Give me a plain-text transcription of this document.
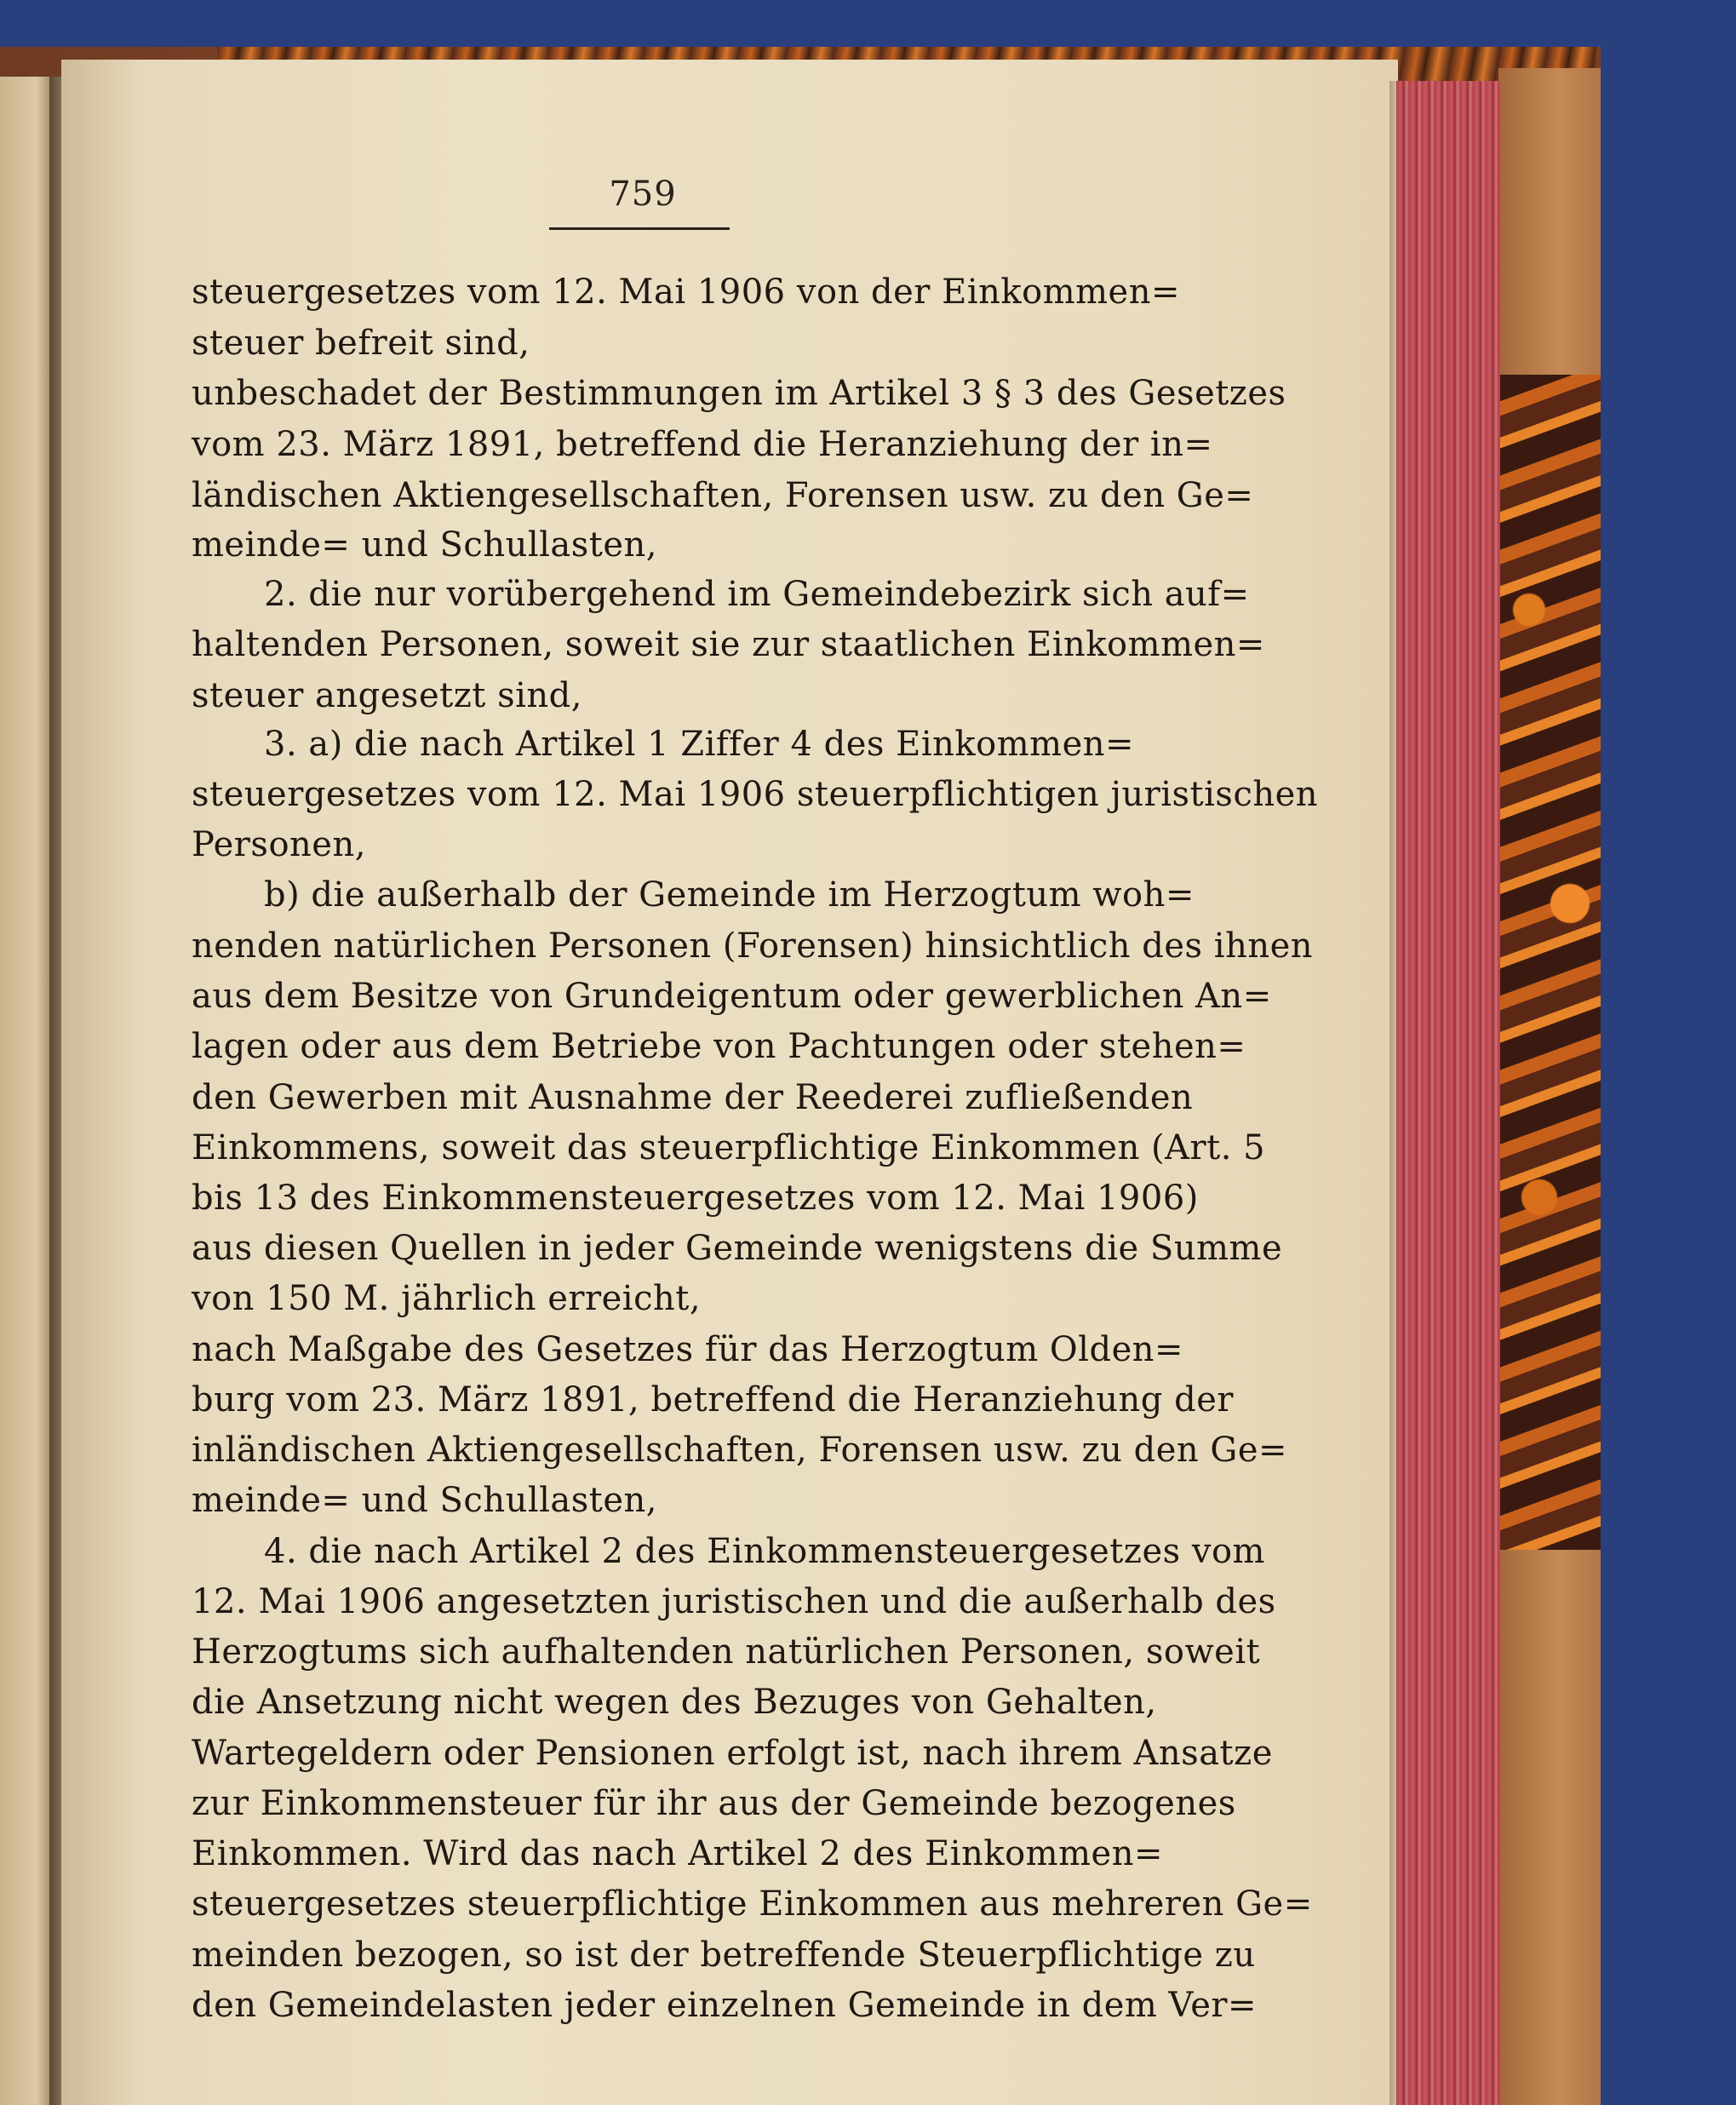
759
steuergesetzes vom 12. Mai 1906 von der Einkommen=
steuer befreit sind,
unbeschadet der Bestimmungen im Artikel 3 § 3 des Gesetzes
vom 23. März 1891, betreffend die Heranziehung der in=
ländischen Aktiengesellschaften, Forensen usw. zu den Ge=
meinde= und Schullasten,
2. die nur vorübergehend im Gemeindebezirk sich auf=
haltenden Personen, soweit sie zur staatlichen Einkommen=
steuer angesetzt sind,
3. a) die nach Artikel 1 Ziffer 4 des Einkommen=
steuergesetzes vom 12. Mai 1906 steuerpflichtigen juristischen
Personen,
b) die außerhalb der Gemeinde im Herzogtum woh=
nenden natürlichen Personen (Forensen) hinsichtlich des ihnen
aus dem Besitze von Grundeigentum oder gewerblichen An=
lagen oder aus dem Betriebe von Pachtungen oder stehen=
den Gewerben mit Ausnahme der Reederei zufließenden
Einkommens, soweit das steuerpflichtige Einkommen (Art. 5
bis 13 des Einkommensteuergesetzes vom 12. Mai 1906)
aus diesen Quellen in jeder Gemeinde wenigstens die Summe
von 150 M. jährlich erreicht,
nach Maßgabe des Gesetzes für das Herzogtum Olden=
burg vom 23. März 1891, betreffend die Heranziehung der
inländischen Aktiengesellschaften, Forensen usw. zu den Ge=
meinde= und Schullasten,
4. die nach Artikel 2 des Einkommensteuergesetzes vom
12. Mai 1906 angesetzten juristischen und die außerhalb des
Herzogtums sich aufhaltenden natürlichen Personen, soweit
die Ansetzung nicht wegen des Bezuges von Gehalten,
Wartegeldern oder Pensionen erfolgt ist, nach ihrem Ansatze
zur Einkommensteuer für ihr aus der Gemeinde bezogenes
Einkommen. Wird das nach Artikel 2 des Einkommen=
steuergesetzes steuerpflichtige Einkommen aus mehreren Ge=
meinden bezogen, so ist der betreffende Steuerpflichtige zu
den Gemeindelasten jeder einzelnen Gemeinde in dem Ver=
